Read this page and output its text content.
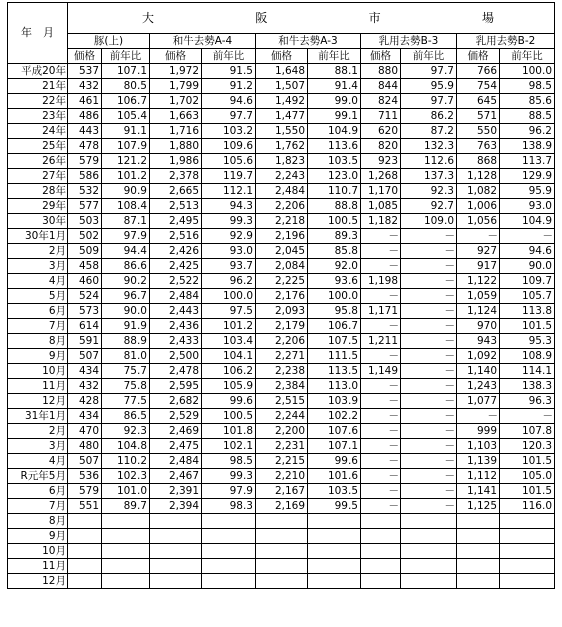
年　月	大 阪 市 場									

	豚(上)		和牛去勢A-4		和牛去勢A-3		乳用去勢B-3		乳用去勢B-2	
	価格	前年比	価格	前年比	価格	前年比	価格	前年比	価格	前年比
平成20年	537	107.1	1,972	91.5	1,648	88.1	880	97.7	766	100.0
21年	432	80.5	1,799	91.2	1,507	91.4	844	95.9	754	98.5
22年	461	106.7	1,702	94.6	1,492	99.0	824	97.7	645	85.6
23年	486	105.4	1,663	97.7	1,477	99.1	711	86.2	571	88.5
24年	443	91.1	1,716	103.2	1,550	104.9	620	87.2	550	96.2
25年	478	107.9	1,880	109.6	1,762	113.6	820	132.3	763	138.9
26年	579	121.2	1,986	105.6	1,823	103.5	923	112.6	868	113.7
27年	586	101.2	2,378	119.7	2,243	123.0	1,268	137.3	1,128	129.9
28年	532	90.9	2,665	112.1	2,484	110.7	1,170	92.3	1,082	95.9
29年	577	108.4	2,513	94.3	2,206	88.8	1,085	92.7	1,006	93.0
30年	503	87.1	2,495	99.3	2,218	100.5	1,182	109.0	1,056	104.9
30年1月	502	97.9	2,516	92.9	2,196	89.3	－	－	－	－
2月	509	94.4	2,426	93.0	2,045	85.8	－	－	927	94.6
3月	458	86.6	2,425	93.7	2,084	92.0	－	－	917	90.0
4月	460	90.2	2,522	96.2	2,225	93.6	1,198	－	1,122	109.7
5月	524	96.7	2,484	100.0	2,176	100.0	－	－	1,059	105.7
6月	573	90.0	2,443	97.5	2,093	95.8	1,171	－	1,124	113.8
7月	614	91.9	2,436	101.2	2,179	106.7	－	－	970	101.5
8月	591	88.9	2,433	103.4	2,206	107.5	1,211	－	943	95.3
9月	507	81.0	2,500	104.1	2,271	111.5	－	－	1,092	108.9
10月	434	75.7	2,478	106.2	2,238	113.5	1,149	－	1,140	114.1
11月	432	75.8	2,595	105.9	2,384	113.0	－	－	1,243	138.3
12月	428	77.5	2,682	99.6	2,515	103.9	－	－	1,077	96.3
31年1月	434	86.5	2,529	100.5	2,244	102.2	－	－	－	－
2月	470	92.3	2,469	101.8	2,200	107.6	－	－	999	107.8
3月	480	104.8	2,475	102.1	2,231	107.1	－	－	1,103	120.3
4月	507	110.2	2,484	98.5	2,215	99.6	－	－	1,139	101.5
R元年5月	536	102.3	2,467	99.3	2,210	101.6	－	－	1,112	105.0
6月	579	101.0	2,391	97.9	2,167	103.5	－	－	1,141	101.5
7月	551	89.7	2,394	98.3	2,169	99.5	－	－	1,125	116.0
8月										
9月										
10月										
11月										
12月										
